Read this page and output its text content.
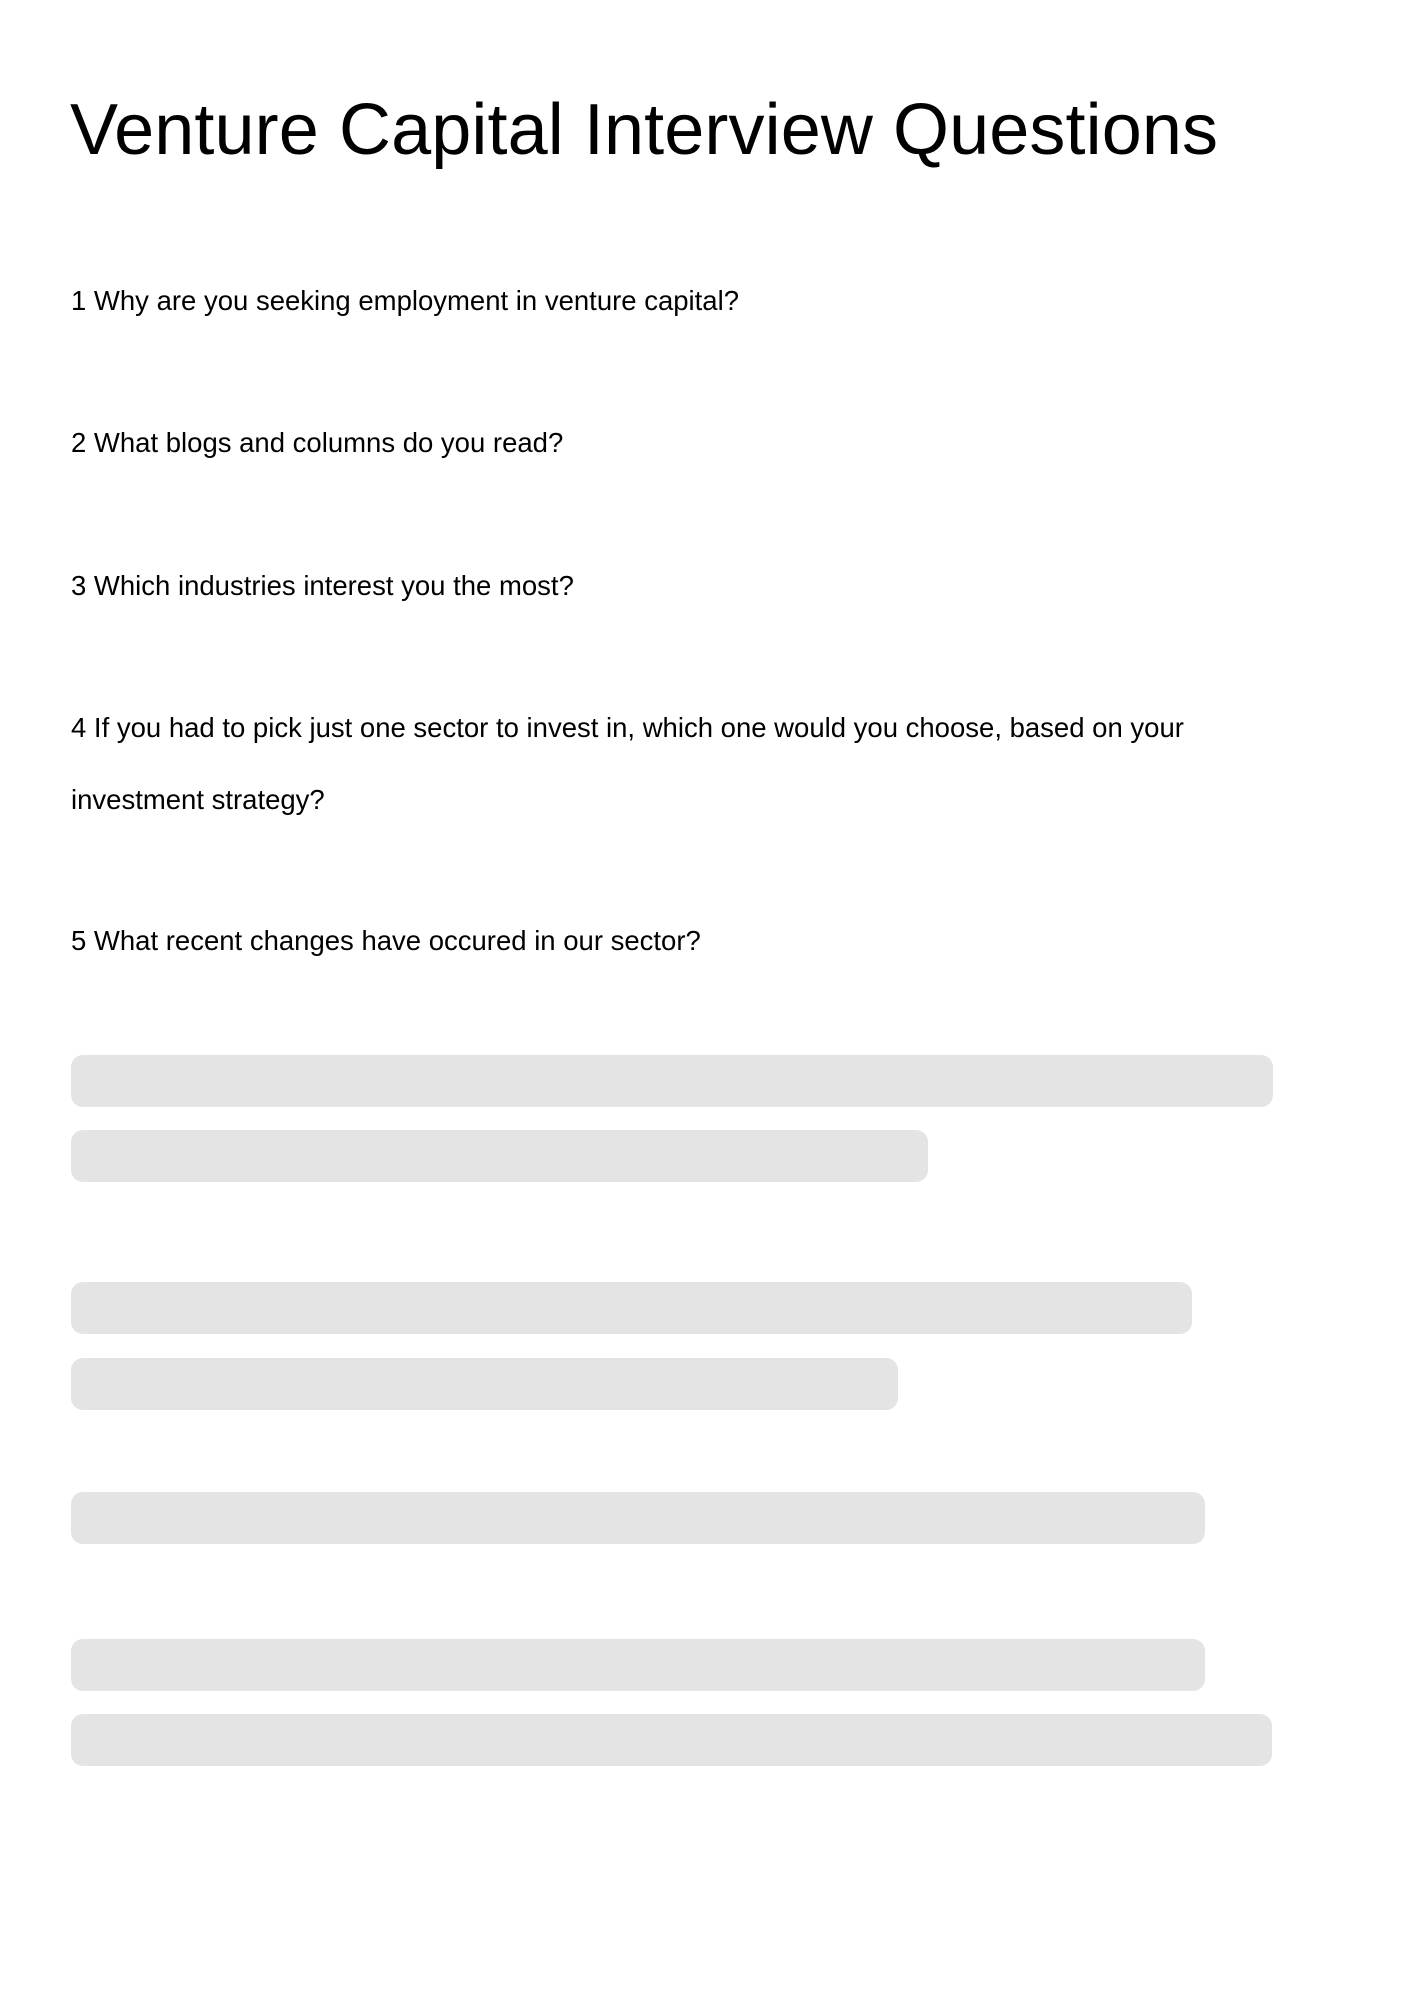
Venture Capital Interview Questions

1 Why are you seeking employment in venture capital?

2 What blogs and columns do you read?

3 Which industries interest you the most?

4 If you had to pick just one sector to invest in, which one would you choose, based on your
investment strategy?

5 What recent changes have occured in our sector?
